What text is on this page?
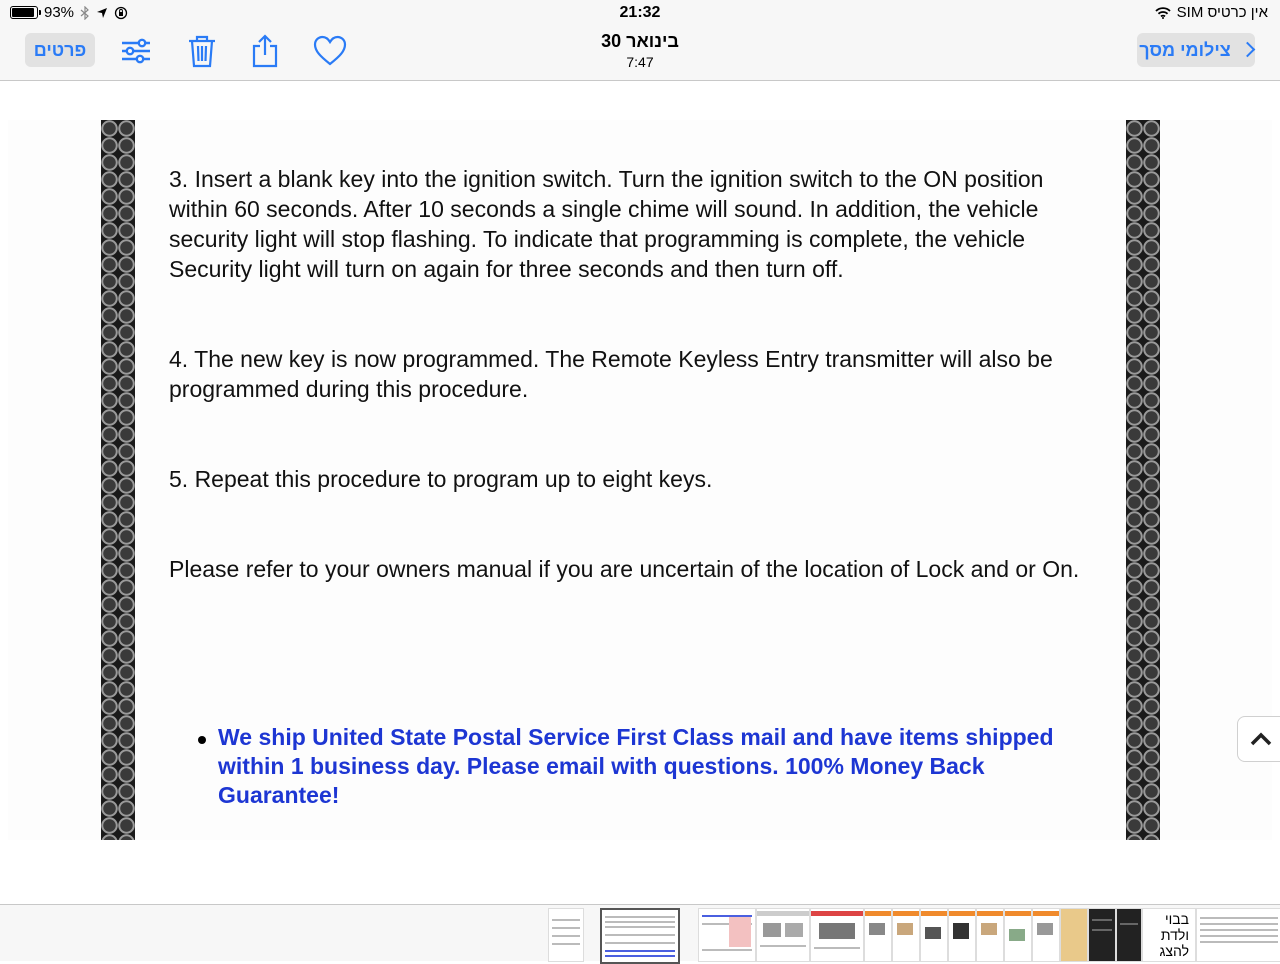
93%	21:32	אין כרטיס SIM
פרטים	30 בינואר
7:47
צילומי מסך

3. Insert a blank key into the ignition switch. Turn the ignition switch to the ON position within 60 seconds. After 10 seconds a single chime will sound. In addition, the vehicle security light will stop flashing. To indicate that programming is complete, the vehicle Security light will turn on again for three seconds and then turn off.

4. The new key is now programmed. The Remote Keyless Entry transmitter will also be programmed during this procedure.

5. Repeat this procedure to program up to eight keys.

Please refer to your owners manual if you are uncertain of the location of Lock and or On.

We ship United State Postal Service First Class mail and have items shipped within 1 business day. Please email with questions. 100% Money Back Guarantee!
בבוי ולדת להצג
